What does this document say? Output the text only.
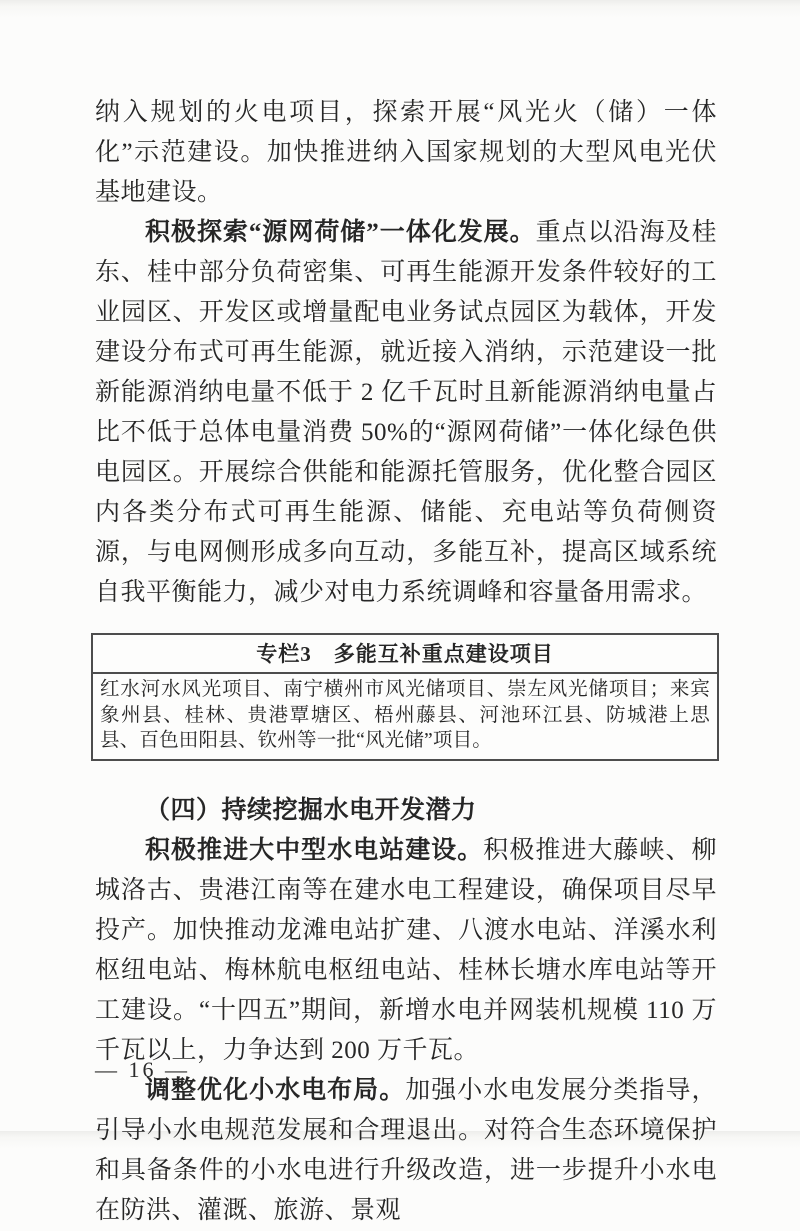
纳入规划的火电项目，探索开展“风光火（储）一体化”示范建设。加快推进纳入国家规划的大型风电光伏基地建设。
积极探索“源网荷储”一体化发展。重点以沿海及桂东、桂中部分负荷密集、可再生能源开发条件较好的工业园区、开发区或增量配电业务试点园区为载体，开发建设分布式可再生能源，就近接入消纳，示范建设一批新能源消纳电量不低于 2 亿千瓦时且新能源消纳电量占比不低于总体电量消费 50%的“源网荷储”一体化绿色供电园区。开展综合供能和能源托管服务，优化整合园区内各类分布式可再生能源、储能、充电站等负荷侧资源，与电网侧形成多向互动，多能互补，提高区域系统自我平衡能力，减少对电力系统调峰和容量备用需求。
专栏3　多能互补重点建设项目
红水河水风光项目、南宁横州市风光储项目、崇左风光储项目；来宾象州县、桂林、贵港覃塘区、梧州藤县、河池环江县、防城港上思县、百色田阳县、钦州等一批“风光储”项目。
（四）持续挖掘水电开发潜力
积极推进大中型水电站建设。积极推进大藤峡、柳城洛古、贵港江南等在建水电工程建设，确保项目尽早投产。加快推动龙滩电站扩建、八渡水电站、洋溪水利枢纽电站、梅林航电枢纽电站、桂林长塘水库电站等开工建设。“十四五”期间，新增水电并网装机规模 110 万千瓦以上，力争达到 200 万千瓦。
调整优化小水电布局。加强小水电发展分类指导，引导小水电规范发展和合理退出。对符合生态环境保护和具备条件的小水电进行升级改造，进一步提升小水电在防洪、灌溉、旅游、景观
— 16 —
